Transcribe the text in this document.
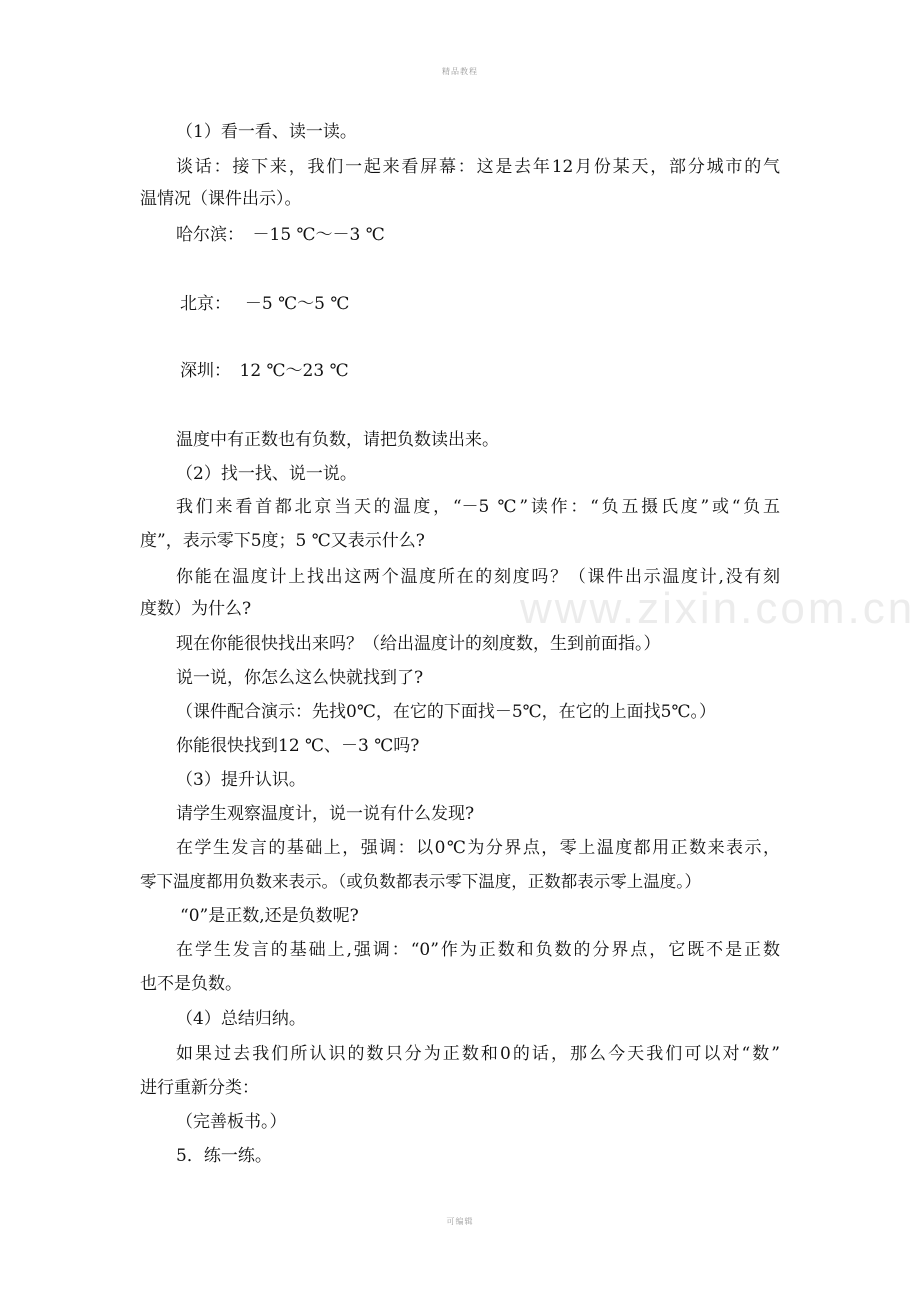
精品教程
www.zixin.com.cn

（1）看一看、读一读。

谈话：接下来，我们一起来看屏幕：这是去年12月份某天，部分城市的气

温情况（课件出示）。

哈尔滨：　－15 ℃～－3 ℃

北京：　 －5 ℃～5 ℃

深圳：　12 ℃～23 ℃

温度中有正数也有负数，请把负数读出来。

（2）找一找、说一说。

我们来看首都北京当天的温度，“－5 ℃”读作：“负五摄氏度”或“负五

度”，表示零下5度；5 ℃又表示什么?

你能在温度计上找出这两个温度所在的刻度吗？（课件出示温度计,没有刻

度数）为什么?

现在你能很快找出来吗？（给出温度计的刻度数，生到前面指。）

说一说，你怎么这么快就找到了?

（课件配合演示：先找0℃，在它的下面找－5℃，在它的上面找5℃。）

你能很快找到12 ℃、－3 ℃吗?

（3）提升认识。

请学生观察温度计，说一说有什么发现?

在学生发言的基础上，强调：以0℃为分界点，零上温度都用正数来表示，

零下温度都用负数来表示。（或负数都表示零下温度，正数都表示零上温度。）

“0”是正数,还是负数呢?

在学生发言的基础上,强调：“0”作为正数和负数的分界点，它既不是正数

也不是负数。

（4）总结归纳。

如果过去我们所认识的数只分为正数和0的话，那么今天我们可以对“数”

进行重新分类：

（完善板书。）

5．练一练。

可编辑
